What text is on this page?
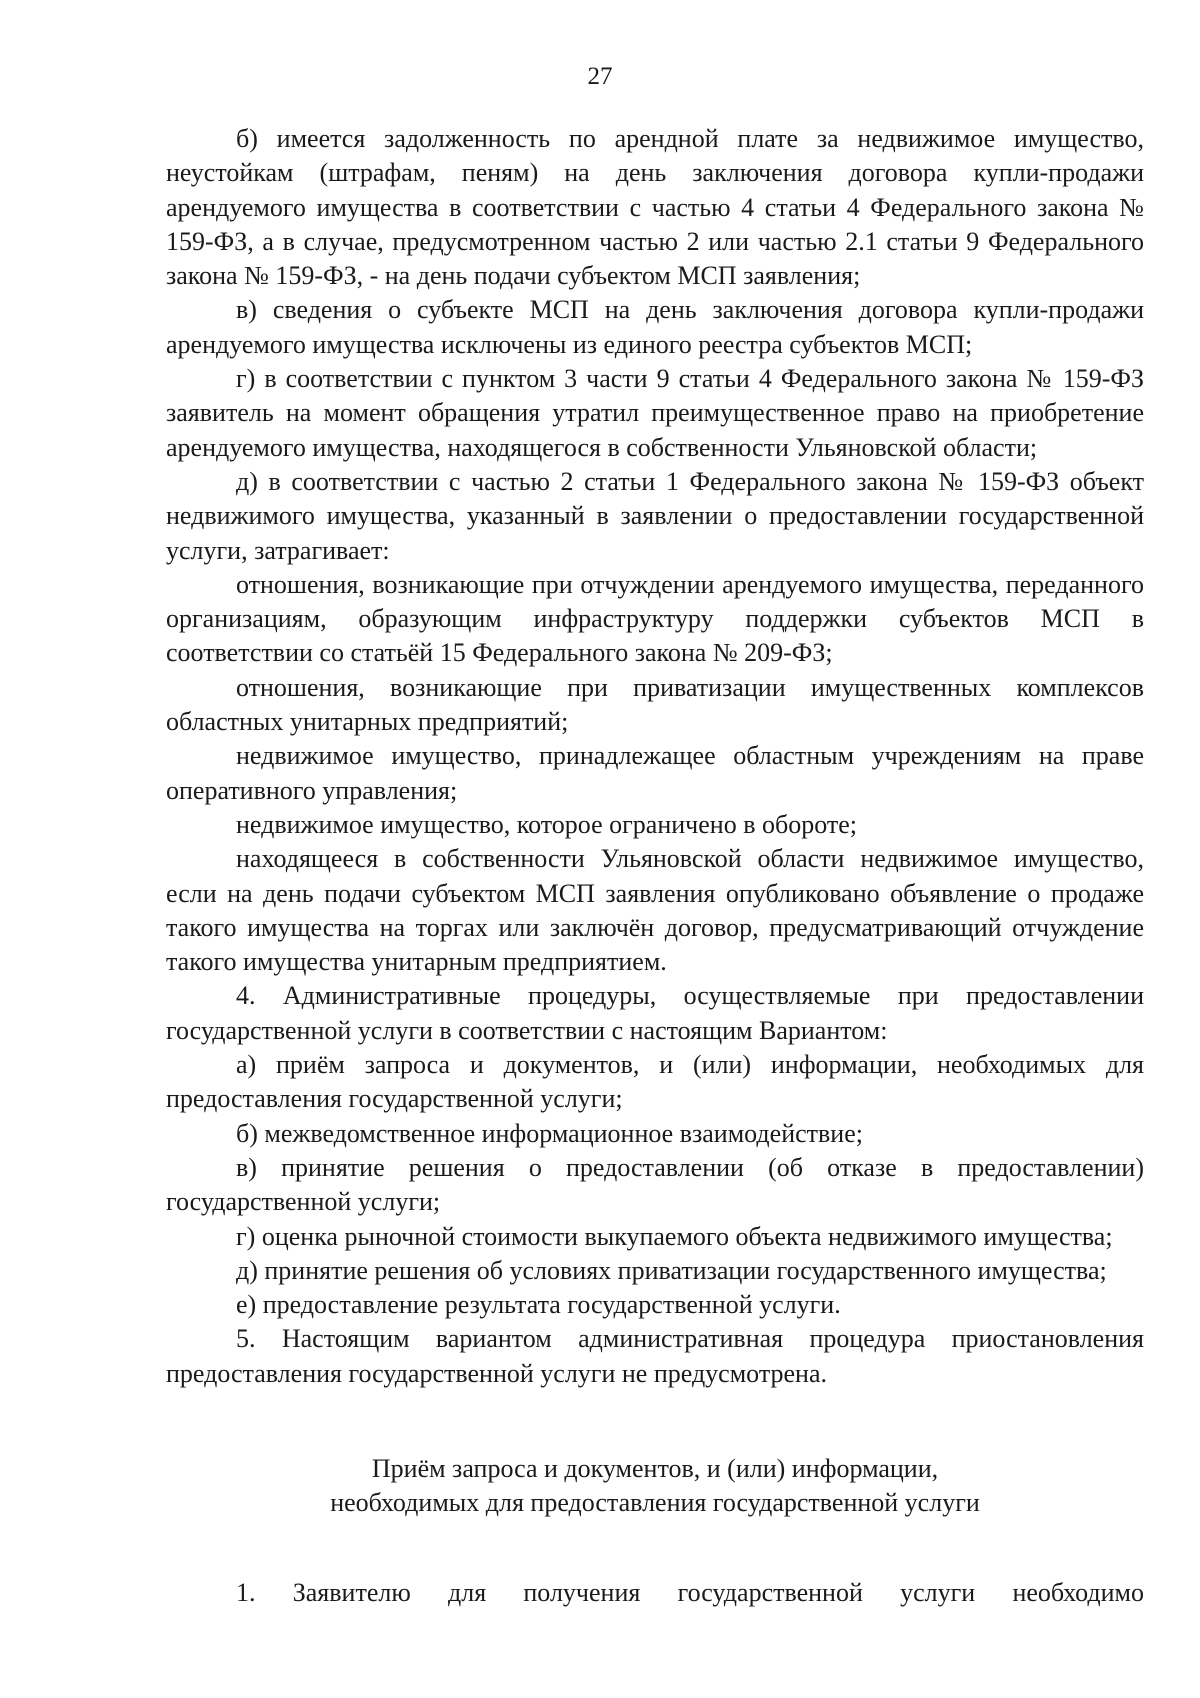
27

б) имеется задолженность по арендной плате за недвижимое имущество, неустойкам (штрафам, пеням) на день заключения договора купли-продажи арендуемого имущества в соответствии с частью 4 статьи 4 Федерального закона № 159-ФЗ, а в случае, предусмотренном частью 2 или частью 2.1 статьи 9 Федерального закона № 159-ФЗ, - на день подачи субъектом МСП заявления;

в) сведения о субъекте МСП на день заключения договора купли-продажи арендуемого имущества исключены из единого реестра субъектов МСП;

г) в соответствии с пунктом 3 части 9 статьи 4 Федерального закона № 159-ФЗ заявитель на момент обращения утратил преимущественное право на приобретение арендуемого имущества, находящегося в собственности Ульяновской области;

д) в соответствии с частью 2 статьи 1 Федерального закона № 159-ФЗ объект недвижимого имущества, указанный в заявлении о предоставлении государственной услуги, затрагивает:

отношения, возникающие при отчуждении арендуемого имущества, переданного организациям, образующим инфраструктуру поддержки субъектов МСП в соответствии со статьёй 15 Федерального закона № 209-ФЗ;

отношения, возникающие при приватизации имущественных комплексов областных унитарных предприятий;

недвижимое имущество, принадлежащее областным учреждениям на праве оперативного управления;

недвижимое имущество, которое ограничено в обороте;

находящееся в собственности Ульяновской области недвижимое имущество, если на день подачи субъектом МСП заявления опубликовано объявление о продаже такого имущества на торгах или заключён договор, предусматривающий отчуждение такого имущества унитарным предприятием.

4. Административные процедуры, осуществляемые при предоставлении государственной услуги в соответствии с настоящим Вариантом:

а) приём запроса и документов, и (или) информации, необходимых для предоставления государственной услуги;

б) межведомственное информационное взаимодействие;

в) принятие решения о предоставлении (об отказе в предоставлении) государственной услуги;

г) оценка рыночной стоимости выкупаемого объекта недвижимого имущества;

д) принятие решения об условиях приватизации государственного имущества;

е) предоставление результата государственной услуги.

5. Настоящим вариантом административная процедура приостановления предоставления государственной услуги не предусмотрена.

Приём запроса и документов, и (или) информации,
необходимых для предоставления государственной услуги

1. Заявителю для получения государственной услуги необходимо
